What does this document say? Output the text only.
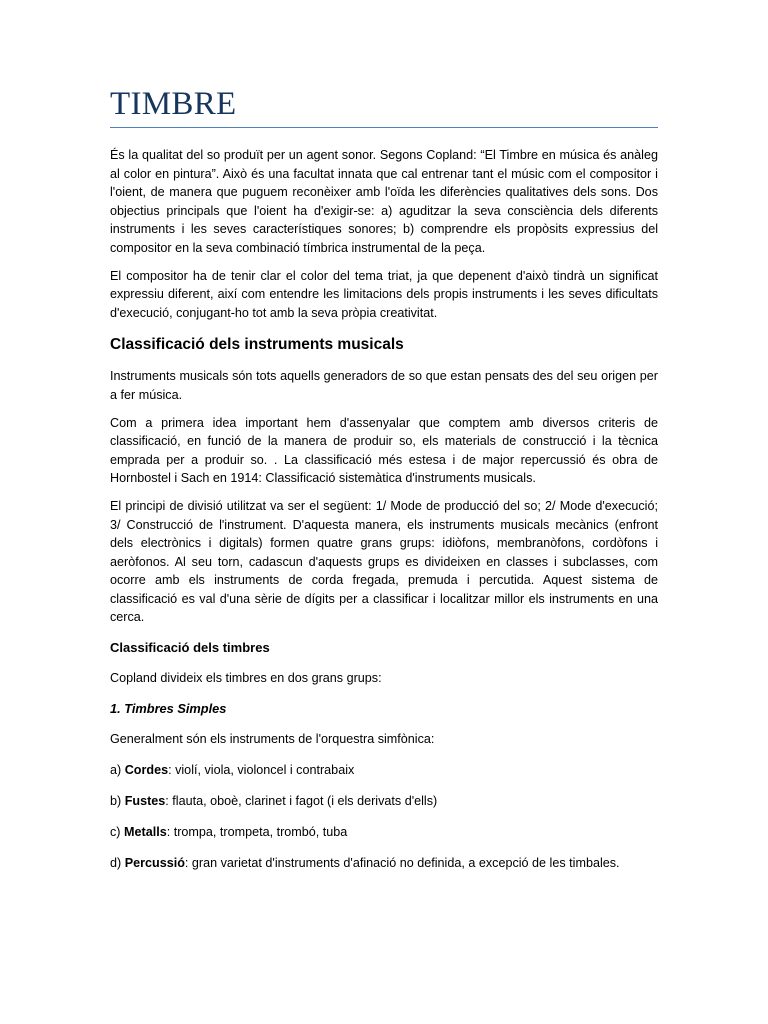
TIMBRE

És la qualitat del so produït per un agent sonor. Segons Copland: “El Timbre en música és anàleg al color en pintura”. Això és una facultat innata que cal entrenar tant el músic com el compositor i l'oient, de manera que puguem reconèixer amb l'oïda les diferències qualitatives dels sons. Dos objectius principals que l'oient ha d'exigir-se: a) aguditzar la seva consciència dels diferents instruments i les seves característiques sonores; b) comprendre els propòsits expressius del compositor en la seva combinació tímbrica instrumental de la peça.

El compositor ha de tenir clar el color del tema triat, ja que depenent d'això tindrà un significat expressiu diferent, així com entendre les limitacions dels propis instruments i les seves dificultats d'execució, conjugant-ho tot amb la seva pròpia creativitat.

Classificació dels instruments musicals

Instruments musicals són tots aquells generadors de so que estan pensats des del seu origen per a fer música.

Com a primera idea important hem d'assenyalar que comptem amb diversos criteris de classificació, en funció de la manera de produir so, els materials de construcció i la tècnica emprada per a produir so. . La classificació més estesa i de major repercussió és obra de Hornbostel i Sach en 1914: Classificació sistemàtica d'instruments musicals.

El principi de divisió utilitzat va ser el següent: 1/ Mode de producció del so; 2/ Mode d'execució; 3/ Construcció de l'instrument. D'aquesta manera, els instruments musicals mecànics (enfront dels electrònics i digitals) formen quatre grans grups: idiòfons, membranòfons, cordòfons i aeròfonos. Al seu torn, cadascun d'aquests grups es divideixen en classes i subclasses, com ocorre amb els instruments de corda fregada, premuda i percutida. Aquest sistema de classificació es val d'una sèrie de dígits per a classificar i localitzar millor els instruments en una cerca.

Classificació dels timbres

Copland divideix els timbres en dos grans grups:

1. Timbres Simples

Generalment són els instruments de l'orquestra simfònica:

a) Cordes: violí, viola, violoncel i contrabaix

b) Fustes: flauta, oboè, clarinet i fagot (i els derivats d'ells)

c) Metalls: trompa, trompeta, trombó, tuba

d) Percussió: gran varietat d'instruments d'afinació no definida, a excepció de les timbales.
